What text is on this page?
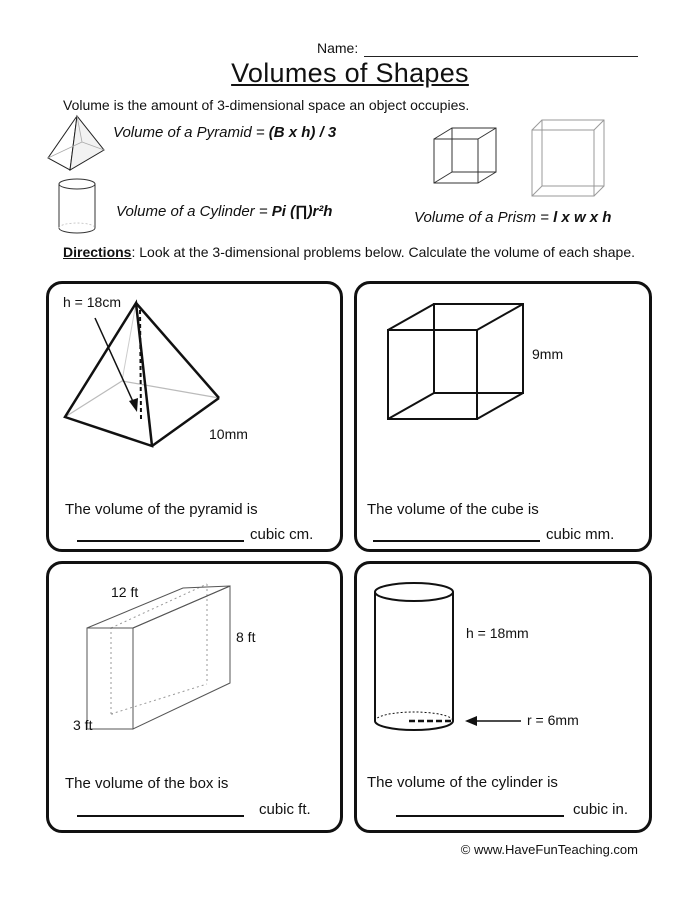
Name:
Volumes of Shapes
Volume is the amount of 3-dimensional space an object occupies.
Volume of a Pyramid = (B x h) / 3
Volume of a Cylinder = Pi (∏)r²h	Volume of a Prism = l x w x h
Directions: Look at the 3-dimensional problems below. Calculate the volume of each shape.
h = 18cm
10mm
The volume of the pyramid is
cubic cm.
9mm
The volume of the cube is
cubic mm.
12 ft
8 ft
3 ft
The volume of the box is
cubic ft.
h = 18mm
r = 6mm
The volume of the cylinder is
cubic in.
© www.HaveFunTeaching.com
